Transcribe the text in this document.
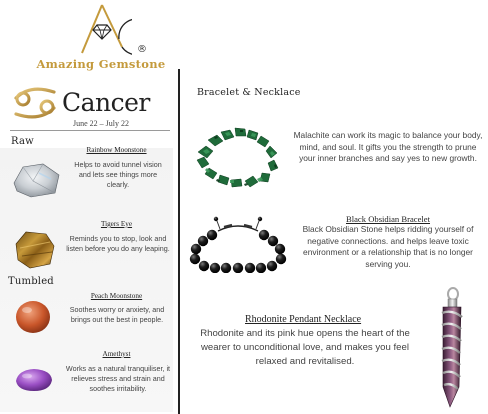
®
Amazing Gemstone
Cancer
June 22 – July 22
Raw
Tumbled
Rainbow Moonstone
Helps to avoid tunnel vision and lets see things more clearly.
Tigers Eye
Reminds you to stop, look and listen before you do any leaping.
Peach Moonstone
Soothes worry or anxiety, and brings out the best in people.
Amethyst
Works as a natural tranquiliser, it relieves stress and strain and soothes irritability.
Bracelet & Necklace
Malachite can work its magic to balance your body, mind, and soul. It gifts you the strength to prune your inner branches and say yes to new growth.
Black Obsidian Bracelet
Black Obsidian Stone helps ridding yourself of negative connections. and helps leave toxic environment or a relationship that is no longer serving you.
Rhodonite Pendant Necklace
Rhodonite and its pink hue opens the heart of the wearer to unconditional love, and makes you feel relaxed and revitalised.
